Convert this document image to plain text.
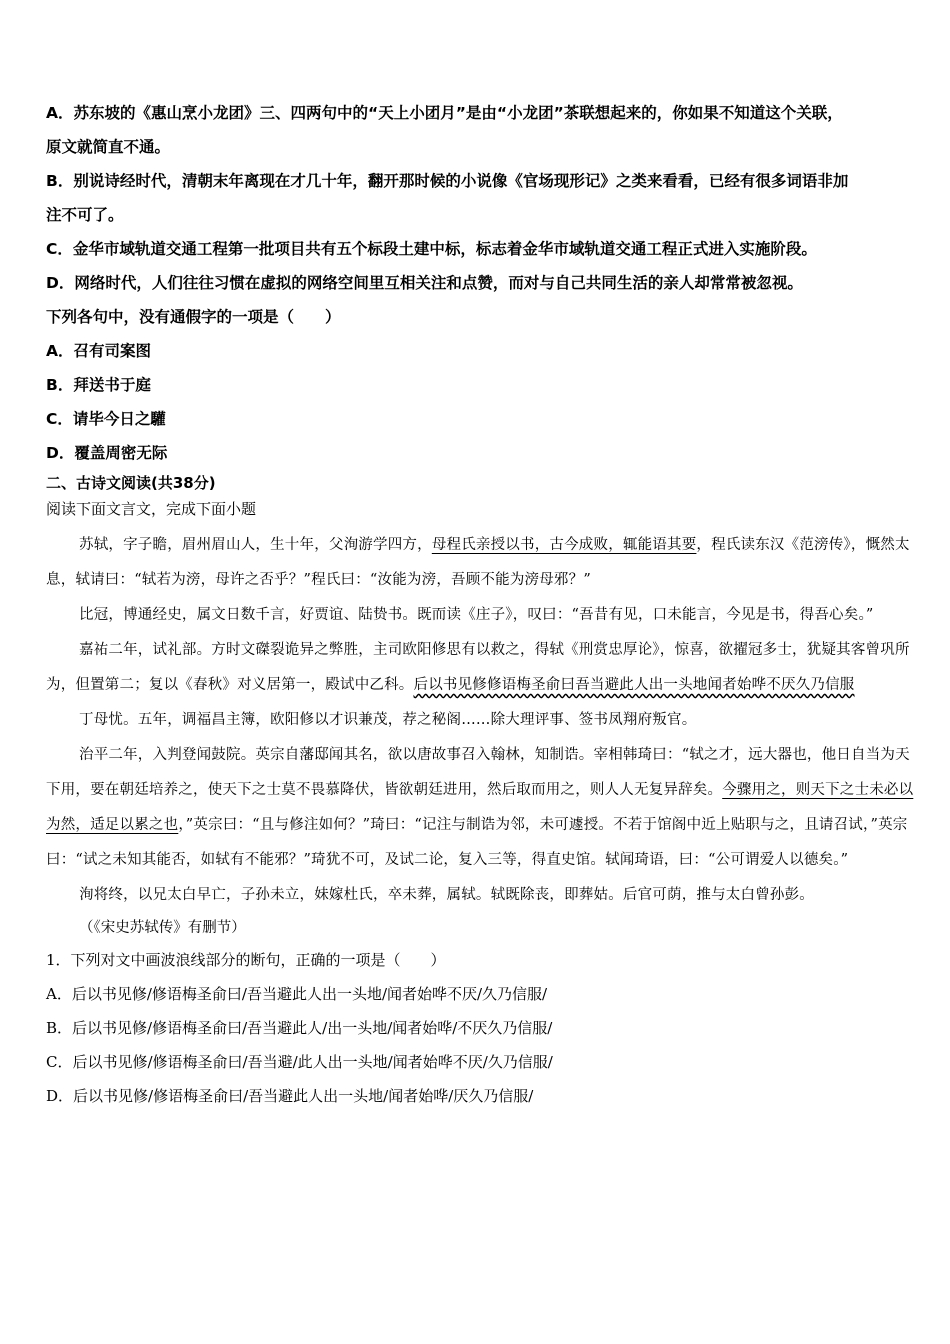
A．苏东坡的《惠山烹小龙团》三、四两句中的“天上小团月”是由“小龙团”茶联想起来的，你如果不知道这个关联，

原文就简直不通。

B．别说诗经时代，清朝末年离现在才几十年，翻开那时候的小说像《官场现形记》之类来看看，已经有很多词语非加

注不可了。

C．金华市域轨道交通工程第一批项目共有五个标段土建中标，标志着金华市域轨道交通工程正式进入实施阶段。

D．网络时代，人们往往习惯在虚拟的网络空间里互相关注和点赞，而对与自己共同生活的亲人却常常被忽视。

下列各句中，没有通假字的一项是（　　）

A．召有司案图

B．拜送书于庭

C．请毕今日之驩

D．覆盖周密无际

二、古诗文阅读(共38分)

阅读下面文言文，完成下面小题

苏轼，字子瞻，眉州眉山人，生十年，父洵游学四方，母程氏亲授以书，古今成败，辄能语其要，程氏读东汉《范滂传》，慨然太息，轼请曰：“轼若为滂，母许之否乎？”程氏曰：“汝能为滂，吾顾不能为滂母邪？”

比冠，博通经史，属文日数千言，好贾谊、陆贽书。既而读《庄子》，叹曰：“吾昔有见，口未能言，今见是书，得吾心矣。”

嘉祐二年，试礼部。方时文磔裂诡异之弊胜，主司欧阳修思有以救之，得轼《刑赏忠厚论》，惊喜，欲擢冠多士，犹疑其客曾巩所为，但置第二；复以《春秋》对义居第一，殿试中乙科。后以书见修修语梅圣俞曰吾当避此人出一头地闻者始哗不厌久乃信服

丁母忧。五年，调福昌主簿，欧阳修以才识兼茂，荐之秘阁……除大理评事、签书凤翔府叛官。

治平二年，入判登闻鼓院。英宗自藩邸闻其名，欲以唐故事召入翰林，知制诰。宰相韩琦曰：“轼之才，远大器也，他日自当为天下用，要在朝廷培养之，使天下之士莫不畏慕降伏，皆欲朝廷进用，然后取而用之，则人人无复异辞矣。今骤用之，则天下之士未必以为然，适足以累之也，”英宗曰：“且与修注如何？”琦曰：“记注与制诰为邻，未可遽授。不若于馆阁中近上贴职与之，且请召试，”英宗曰：“试之未知其能否，如轼有不能邪？”琦犹不可，及试二论，复入三等，得直史馆。轼闻琦语，曰：“公可谓爱人以德矣。”

洵将终，以兄太白早亡，子孙未立，妹嫁杜氏，卒未葬，属轼。轼既除丧，即葬姑。后官可荫，推与太白曾孙彭。

（《宋史苏轼传》有删节）

1．下列对文中画波浪线部分的断句，正确的一项是（　　）

A．后以书见修/修语梅圣俞曰/吾当避此人出一头地/闻者始哗不厌/久乃信服/

B．后以书见修/修语梅圣俞曰/吾当避此人/出一头地/闻者始哗/不厌久乃信服/

C．后以书见修/修语梅圣俞曰/吾当避/此人出一头地/闻者始哗不厌/久乃信服/

D．后以书见修/修语梅圣俞曰/吾当避此人出一头地/闻者始哗/厌久乃信服/
